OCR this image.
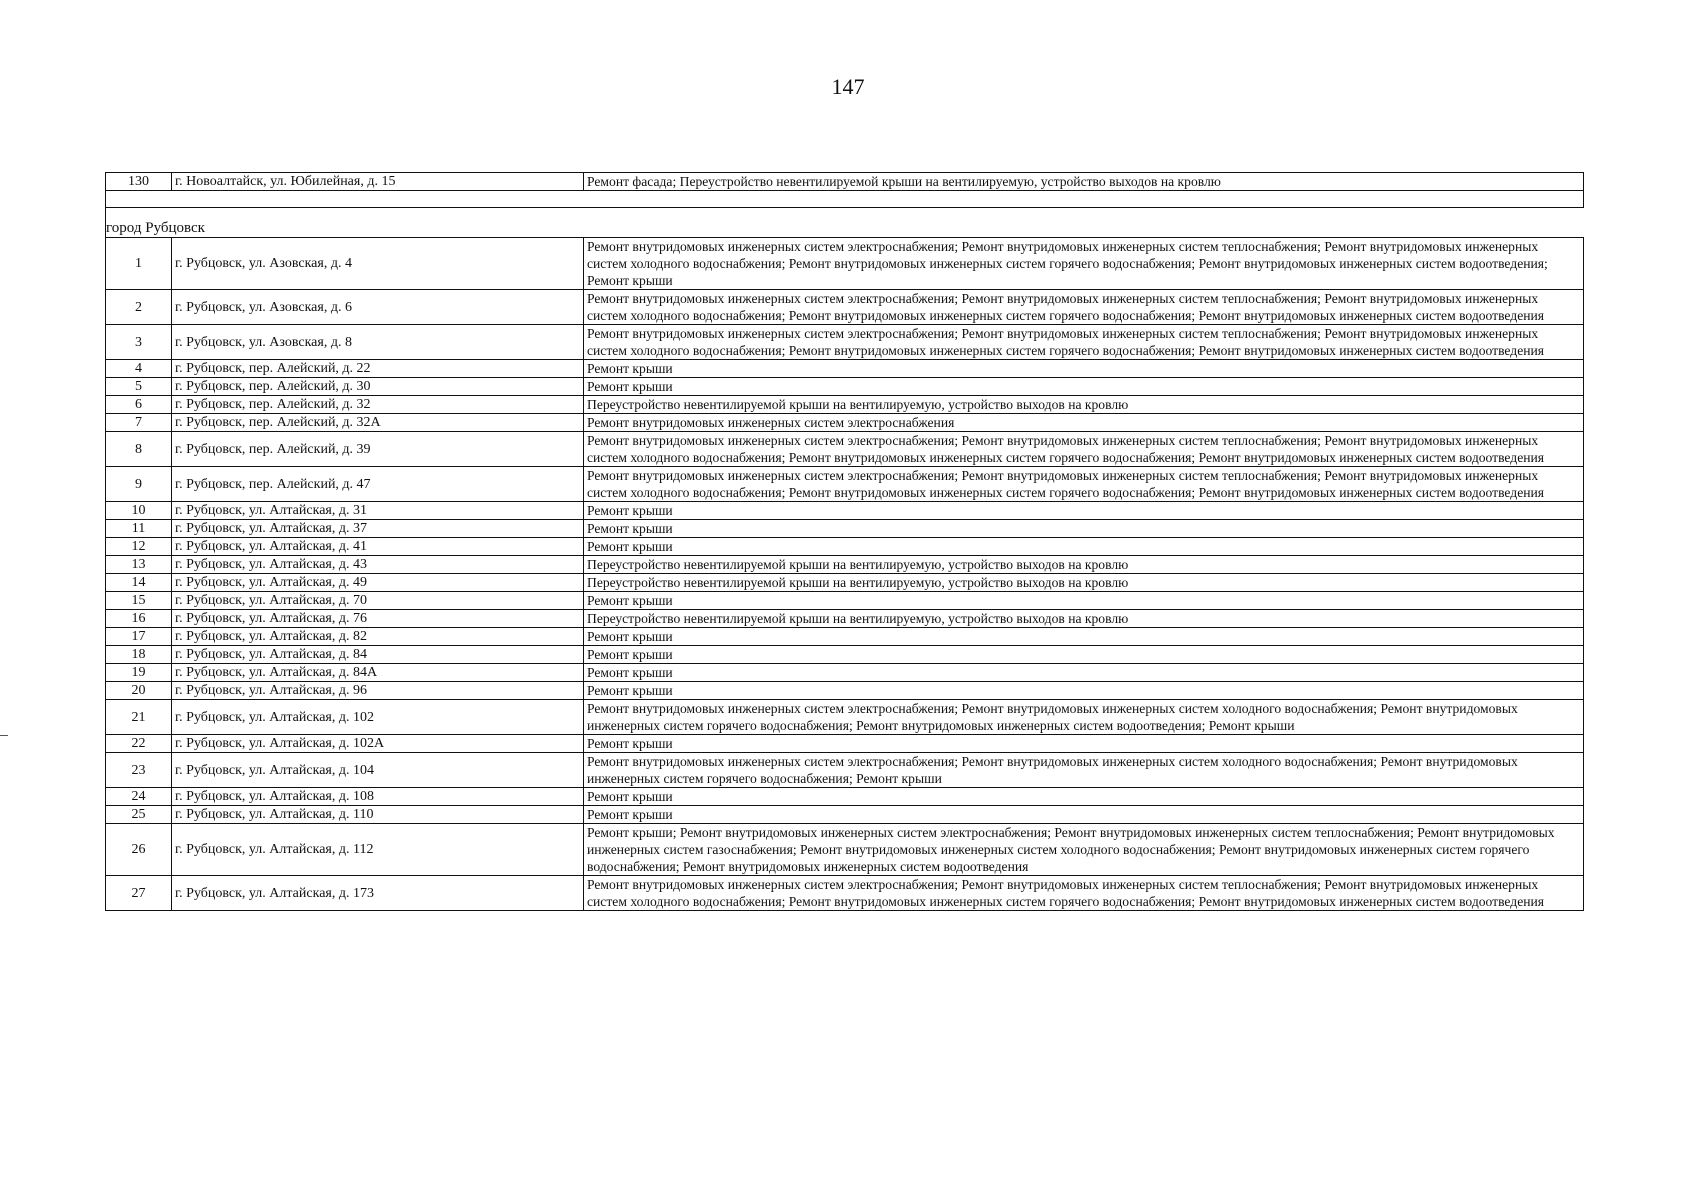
147
130	г. Новоалтайск, ул. Юбилейная, д. 15	Ремонт фасада; Переустройство невентилируемой крыши на вентилируемую, устройство выходов на кровлю

город Рубцовск		
1	г. Рубцовск, ул. Азовская, д. 4	Ремонт внутридомовых инженерных систем электроснабжения; Ремонт внутридомовых инженерных систем теплоснабжения; Ремонт внутридомовых инженерных систем холодного водоснабжения; Ремонт внутридомовых инженерных систем горячего водоснабжения; Ремонт внутридомовых инженерных систем водоотведения; Ремонт крыши
2	г. Рубцовск, ул. Азовская, д. 6	Ремонт внутридомовых инженерных систем электроснабжения; Ремонт внутридомовых инженерных систем теплоснабжения; Ремонт внутридомовых инженерных систем холодного водоснабжения; Ремонт внутридомовых инженерных систем горячего водоснабжения; Ремонт внутридомовых инженерных систем водоотведения
3	г. Рубцовск, ул. Азовская, д. 8	Ремонт внутридомовых инженерных систем электроснабжения; Ремонт внутридомовых инженерных систем теплоснабжения; Ремонт внутридомовых инженерных систем холодного водоснабжения; Ремонт внутридомовых инженерных систем горячего водоснабжения; Ремонт внутридомовых инженерных систем водоотведения
4	г. Рубцовск, пер. Алейский, д. 22	Ремонт крыши
5	г. Рубцовск, пер. Алейский, д. 30	Ремонт крыши
6	г. Рубцовск, пер. Алейский, д. 32	Переустройство невентилируемой крыши на вентилируемую, устройство выходов на кровлю
7	г. Рубцовск, пер. Алейский, д. 32А	Ремонт внутридомовых инженерных систем электроснабжения
8	г. Рубцовск, пер. Алейский, д. 39	Ремонт внутридомовых инженерных систем электроснабжения; Ремонт внутридомовых инженерных систем теплоснабжения; Ремонт внутридомовых инженерных систем холодного водоснабжения; Ремонт внутридомовых инженерных систем горячего водоснабжения; Ремонт внутридомовых инженерных систем водоотведения
9	г. Рубцовск, пер. Алейский, д. 47	Ремонт внутридомовых инженерных систем электроснабжения; Ремонт внутридомовых инженерных систем теплоснабжения; Ремонт внутридомовых инженерных систем холодного водоснабжения; Ремонт внутридомовых инженерных систем горячего водоснабжения; Ремонт внутридомовых инженерных систем водоотведения
10	г. Рубцовск, ул. Алтайская, д. 31	Ремонт крыши
11	г. Рубцовск, ул. Алтайская, д. 37	Ремонт крыши
12	г. Рубцовск, ул. Алтайская, д. 41	Ремонт крыши
13	г. Рубцовск, ул. Алтайская, д. 43	Переустройство невентилируемой крыши на вентилируемую, устройство выходов на кровлю
14	г. Рубцовск, ул. Алтайская, д. 49	Переустройство невентилируемой крыши на вентилируемую, устройство выходов на кровлю
15	г. Рубцовск, ул. Алтайская, д. 70	Ремонт крыши
16	г. Рубцовск, ул. Алтайская, д. 76	Переустройство невентилируемой крыши на вентилируемую, устройство выходов на кровлю
17	г. Рубцовск, ул. Алтайская, д. 82	Ремонт крыши
18	г. Рубцовск, ул. Алтайская, д. 84	Ремонт крыши
19	г. Рубцовск, ул. Алтайская, д. 84А	Ремонт крыши
20	г. Рубцовск, ул. Алтайская, д. 96	Ремонт крыши
21	г. Рубцовск, ул. Алтайская, д. 102	Ремонт внутридомовых инженерных систем электроснабжения; Ремонт внутридомовых инженерных систем холодного водоснабжения; Ремонт внутридомовых инженерных систем горячего водоснабжения; Ремонт внутридомовых инженерных систем водоотведения; Ремонт крыши
22	г. Рубцовск, ул. Алтайская, д. 102А	Ремонт крыши
23	г. Рубцовск, ул. Алтайская, д. 104	Ремонт внутридомовых инженерных систем электроснабжения; Ремонт внутридомовых инженерных систем холодного водоснабжения; Ремонт внутридомовых инженерных систем горячего водоснабжения; Ремонт крыши
24	г. Рубцовск, ул. Алтайская, д. 108	Ремонт крыши
25	г. Рубцовск, ул. Алтайская, д. 110	Ремонт крыши
26	г. Рубцовск, ул. Алтайская, д. 112	Ремонт крыши; Ремонт внутридомовых инженерных систем электроснабжения; Ремонт внутридомовых инженерных систем теплоснабжения; Ремонт внутридомовых инженерных систем газоснабжения; Ремонт внутридомовых инженерных систем холодного водоснабжения; Ремонт внутридомовых инженерных систем горячего водоснабжения; Ремонт внутридомовых инженерных систем водоотведения
27	г. Рубцовск, ул. Алтайская, д. 173	Ремонт внутридомовых инженерных систем электроснабжения; Ремонт внутридомовых инженерных систем теплоснабжения; Ремонт внутридомовых инженерных систем холодного водоснабжения; Ремонт внутридомовых инженерных систем горячего водоснабжения; Ремонт внутридомовых инженерных систем водоотведения
